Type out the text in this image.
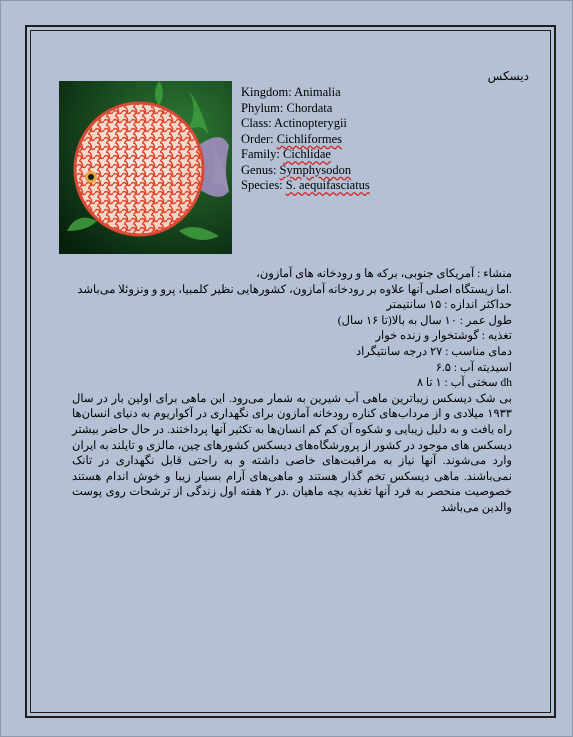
دیسکس
Kingdom: Animalia
Phylum: Chordata
Class: Actinopterygii
Order: Cichliformes
Family: Cichlidae
Genus: Symphysodon
Species: S. aequifasciatus
منشاء : آمریکای جنوبی، برکه ها و رودخانه های آمازون،
.اما زیستگاه اصلی آنها علاوه بر رودخانه آمازون، کشورهایی نظیر کلمبیا، پرو و ونزوئلا می‌باشد
حداکثر اندازه : ۱۵ سانتیمتر
طول عمر : ۱۰ سال به بالا(تا ۱۶ سال)
تغذیه : گوشتخوار و زنده خوار
دمای مناسب : ۲۷ درجه سانتیگراد
اسیدیته آب : ۶.۵
dh سختی آب : ۱ تا ۸
بی شک دیسکس زیباترین ماهی آب شیرین به شمار می‌رود. این ماهی برای اولین بار در سال ۱۹۳۳ میلادی و از مرداب‌های کناره رودخانه آمازون برای نگهداری در آکواریوم به دنیای انسان‌ها راه یافت و به دلیل زیبایی و شکوه آن کم کم انسان‌ها به تکثیر آنها پرداختند. در حال حاضر بیشتر دیسکس های موجود در کشور از پرورشگاه‌های دیسکس کشورهای چین، مالزی و تایلند به ایران وارد می‌شوند. آنها نیاز به مراقبت‌های خاصی داشته و به راحتی قابل نگهداری در تانک نمی‌باشند. ماهی دیسکس تخم گذار هستند و ماهی‌های آرام بسیار زیبا و خوش اندام هستند خصوصیت منحصر به فرد آنها تغذیه بچه ماهیان .در ۲ هفته اول زندگی از ترشحات روی پوست والدین می‌باشد
